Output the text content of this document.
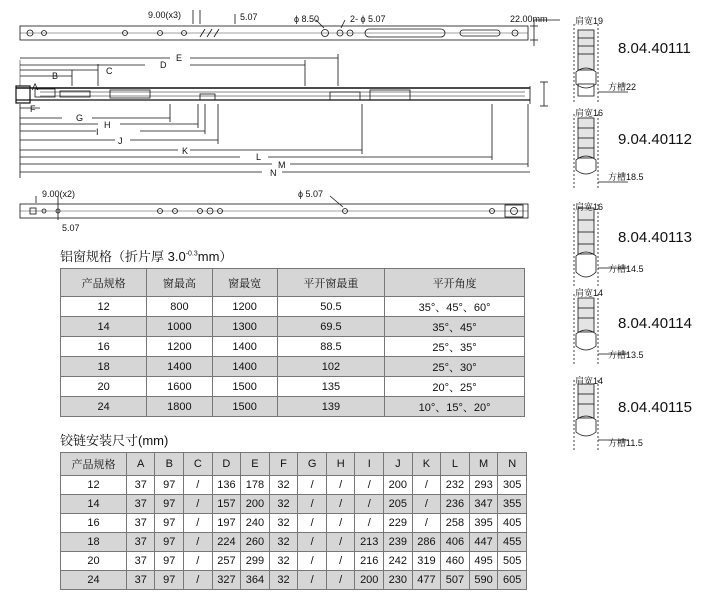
9.00(x3)	5.07	ϕ 8.50	2- ϕ 5.07	22.00mm
A
B	C
D
E
F
G
H
I
J
K
L
M
N
9.00(x2)	ϕ 5.07
5.07
铝窗规格（折片厚 $3.0^{-0.3}mm$）
产品规格	窗最高	窗最宽	平开窗最重	平开角度
12	800	1200	50.5	35°、45°、60°
14	1000	1300	69.5	35°、45°
16	1200	1400	88.5	25°、35°
18	1400	1400	102	25°、30°
20	1600	1500	135	20°、25°
24	1800	1500	139	10°、15°、20°
铰链安装尺寸(mm)
产品规格	A	B	C	D	E	F	G	H	I	J	K	L	M	N
12	37	97	/	136	178	32	/	/	/	200	/	232	293	305
14	37	97	/	157	200	32	/	/	/	205	/	236	347	355
16	37	97	/	197	240	32	/	/	/	229	/	258	395	405
18	37	97	/	224	260	32	/	/	213	239	286	406	447	455
20	37	97	/	257	299	32	/	/	216	242	319	460	495	505
24	37	97	/	327	364	32	/	/	200	230	477	507	590	605
肩宽19
8.04.40111
方槽22
肩宽16
9.04.40112
方槽18.5
肩宽16
8.04.40113
方槽14.5
肩宽14
8.04.40114
方槽13.5
肩宽14
8.04.40115
方槽11.5
